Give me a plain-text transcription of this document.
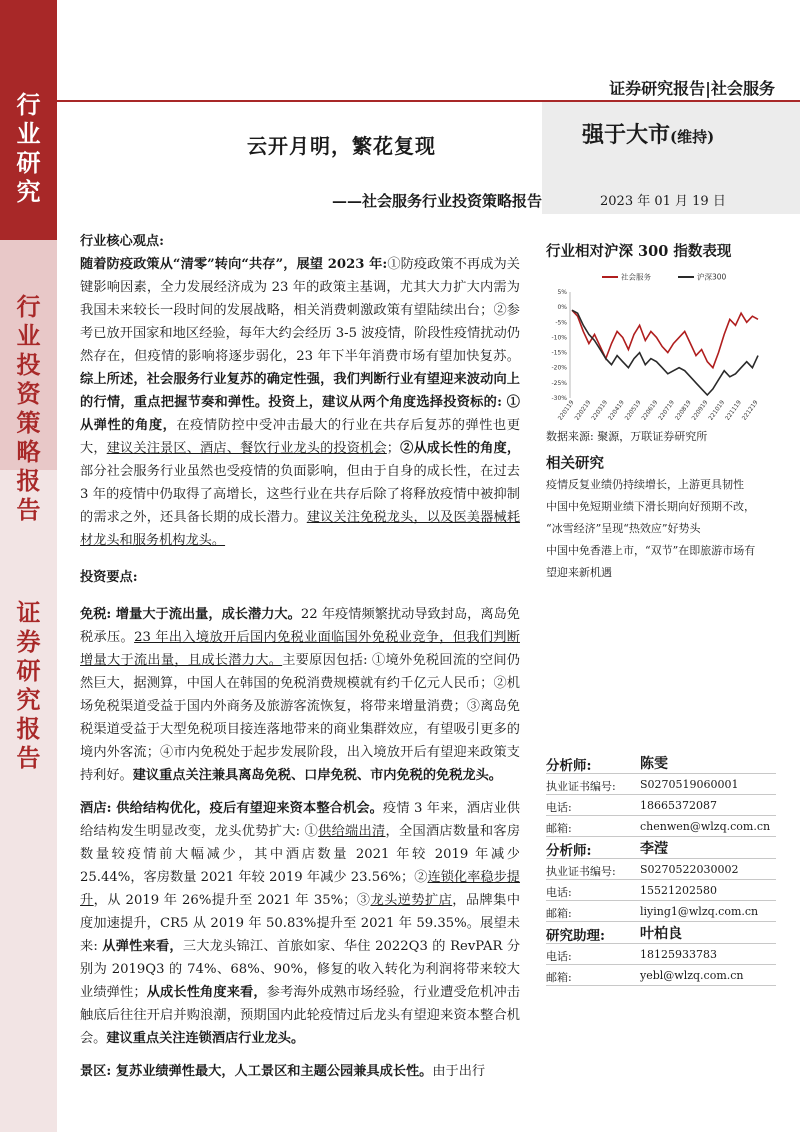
行
业
研
究
行
业
投
资
策
略
报
告
证
券
研
究
报
告
证券研究报告|社会服务
云开月明，繁花复现
——社会服务行业投资策略报告
强于大市(维持)
2023 年 01 月 19 日

行业核心观点:

随着防疫政策从“清零”转向“共存”，展望 2023 年:①防疫政策不再成为关键影响因素，全力发展经济成为 23 年的政策主基调，尤其大力扩大内需为我国未来较长一段时间的发展战略，相关消费刺激政策有望陆续出台；②参考已放开国家和地区经验，每年大约会经历 3-5 波疫情，阶段性疫情扰动仍然存在，但疫情的影响将逐步弱化，23 年下半年消费市场有望加快复苏。综上所述，社会服务行业复苏的确定性强，我们判断行业有望迎来波动向上的行情，重点把握节奏和弹性。投资上，建议从两个角度选择投资标的: ①从弹性的角度，在疫情防控中受冲击最大的行业在共存后复苏的弹性也更大，建议关注景区、酒店、餐饮行业龙头的投资机会；②从成长性的角度，部分社会服务行业虽然也受疫情的负面影响，但由于自身的成长性，在过去 3 年的疫情中仍取得了高增长，这些行业在共存后除了将释放疫情中被抑制的需求之外，还具备长期的成长潜力。建议关注免税龙头，以及医美器械耗材龙头和服务机构龙头。

投资要点:

免税: 增量大于流出量，成长潜力大。22 年疫情频繁扰动导致封岛，离岛免税承压。23 年出入境放开后国内免税业面临国外免税业竞争，但我们判断增量大于流出量，且成长潜力大。主要原因包括: ①境外免税回流的空间仍然巨大，据测算，中国人在韩国的免税消费规模就有约千亿元人民币；②机场免税渠道受益于国内外商务及旅游客流恢复，将带来增量消费；③离岛免税渠道受益于大型免税项目接连落地带来的商业集群效应，有望吸引更多的境内外客流；④市内免税处于起步发展阶段，出入境放开后有望迎来政策支持利好。建议重点关注兼具离岛免税、口岸免税、市内免税的免税龙头。

酒店: 供给结构优化，疫后有望迎来资本整合机会。疫情 3 年来，酒店业供给结构发生明显改变，龙头优势扩大: ①供给端出清，全国酒店数量和客房数量较疫情前大幅减少，其中酒店数量 2021 年较 2019 年减少 25.44%，客房数量 2021 年较 2019 年减少 23.56%；②连锁化率稳步提升，从 2019 年 26%提升至 2021 年 35%；③龙头逆势扩店，品牌集中度加速提升，CR5 从 2019 年 50.83%提升至 2021 年 59.35%。展望未来: 从弹性来看，三大龙头锦江、首旅如家、华住 2022Q3 的 RevPAR 分别为 2019Q3 的 74%、68%、90%，修复的收入转化为利润将带来较大业绩弹性；从成长性角度来看，参考海外成熟市场经验，行业遭受危机冲击触底后往往开启并购浪潮，预期国内此轮疫情过后龙头有望迎来资本整合机会。建议重点关注连锁酒店行业龙头。

景区: 复苏业绩弹性最大，人工景区和主题公园兼具成长性。由于出行

行业相对沪深 300 指数表现
5%
0%
-5%
-10%
-15%
-20%
-25%
-30%
220119
220219
220319
220419
220519
220619
220719
220819
220919
221019
221119
221219
社会服务	沪深300
数据来源: 聚源，万联证券研究所
相关研究
疫情反复业绩仍持续增长，上游更具韧性
中国中免短期业绩下滑长期向好预期不改，
“冰雪经济”呈现“热效应”好势头
中国中免香港上市，“双节”在即旅游市场有
望迎来新机遇
分析师:	陈雯
执业证书编号: S0270519060001
电话:	18665372087
邮箱:	chenwen@wlzq.com.cn
分析师:	李滢
执业证书编号: S0270522030002
电话:	15521202580
邮箱:	liying1@wlzq.com.cn
研究助理:	叶柏良
电话:	18125933783
邮箱:	yebl@wlzq.com.cn
